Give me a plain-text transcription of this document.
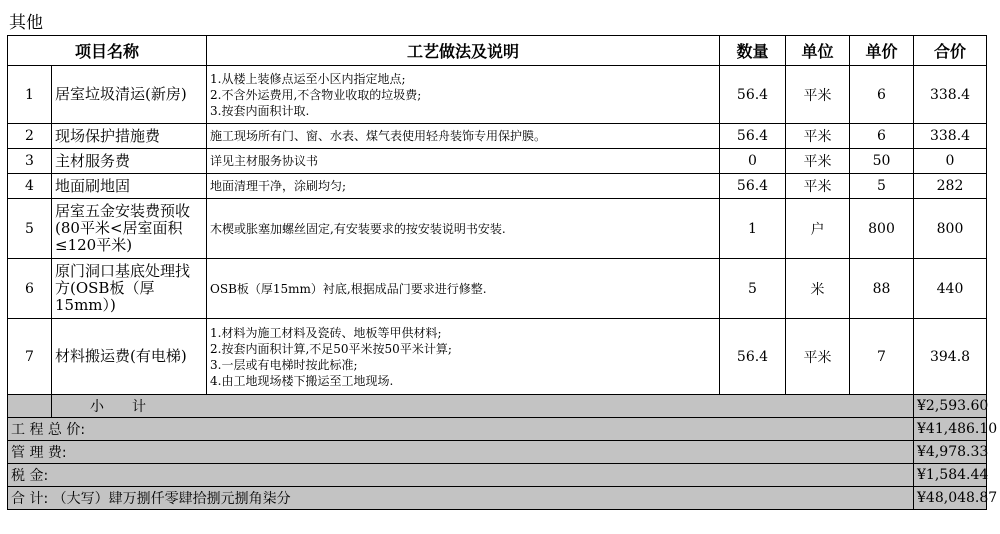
其他
项目名称		工艺做法及说明	数量	单位	单价	合价
1	居室垃圾清运(新房)	1.从楼上装修点运至小区内指定地点;
2.不含外运费用,不含物业收取的垃圾费;
3.按套内面积计取.	56.4	平米	6	338.4
2	现场保护措施费	施工现场所有门、窗、水表、煤气表使用轻舟装饰专用保护膜。	56.4	平米	6	338.4
3	主材服务费	详见主材服务协议书	0	平米	50	0
4	地面刷地固	地面清理干净，涂刷均匀;	56.4	平米	5	282
5	居室五金安装费预收(80平米<居室面积≤120平米)	木楔或胀塞加螺丝固定,有安装要求的按安装说明书安装.	1	户	800	800
6	原门洞口基底处理找方(OSB板（厚15mm）)	OSB板（厚15mm）衬底,根据成品门要求进行修整.	5	米	88	440
7	材料搬运费(有电梯)	1.材料为施工材料及瓷砖、地板等甲供材料;
2.按套内面积计算,不足50平米按50平米计算;
3.一层或有电梯时按此标准;
4.由工地现场楼下搬运至工地现场.	56.4	平米	7	394.8
	小　　计					¥2,593.60
工 程 总 价:						¥41,486.10
管 理 费:						¥4,978.33
税 金:						¥1,584.44
合 计: （大写）肆万捌仟零肆拾捌元捌角柒分						¥48,048.87
